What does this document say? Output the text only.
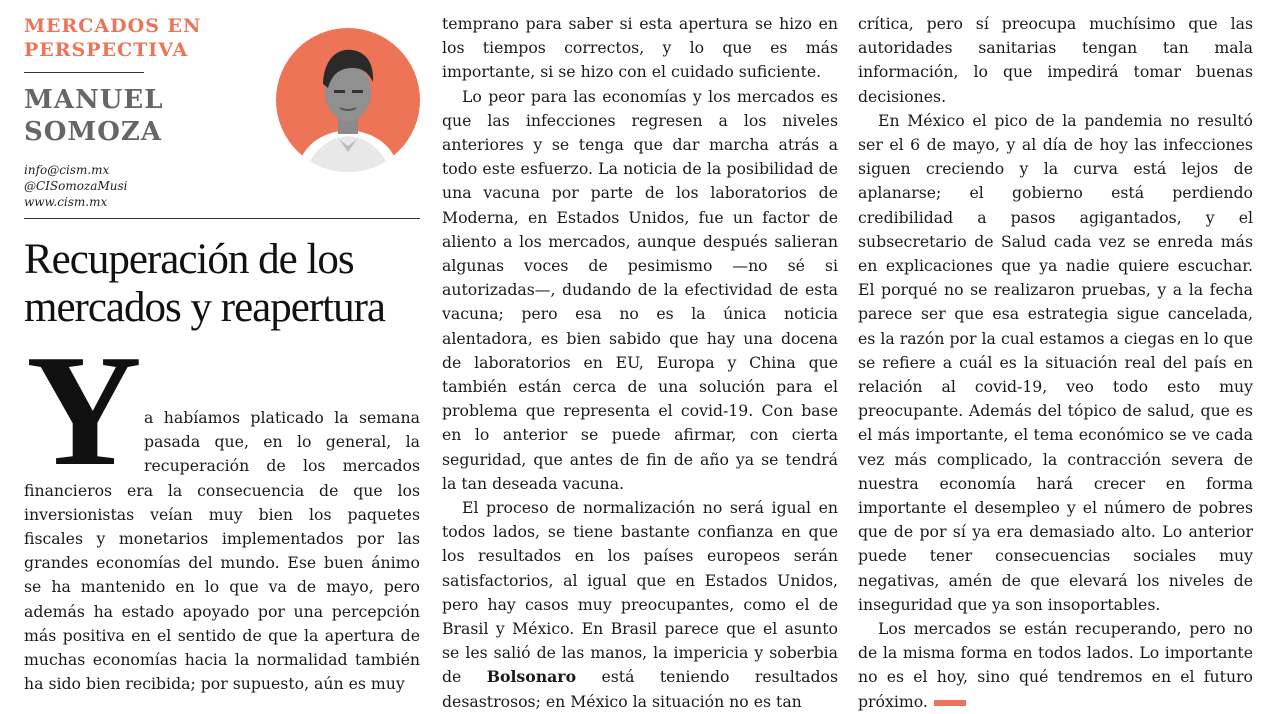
MERCADOS EN
PERSPECTIVA
MANUEL
SOMOZA
info@cism.mx
@CISomozaMusi
www.cism.mx
Recuperación de los
mercados y reapertura
Y a habíamos platicado la semana pasada que, en lo general, la recuperación de los mercados financieros era la consecuencia de que los inversionistas veían muy bien los paquetes fiscales y monetarios implementados por las grandes economías del mundo. Ese buen ánimo se ha mantenido en lo que va de mayo, pero además ha estado apoyado por una percepción más positiva en el sentido de que la apertura de muchas economías hacia la normalidad también ha sido bien recibida; por supuesto, aún es muy

temprano para saber si esta apertura se hizo en los tiempos correctos, y lo que es más importante, si se hizo con el cuidado suficiente.

Lo peor para las economías y los mercados es que las infecciones regresen a los niveles anteriores y se tenga que dar marcha atrás a todo este esfuerzo. La noticia de la posibilidad de una vacuna por parte de los laboratorios de Moderna, en Estados Unidos, fue un factor de aliento a los mercados, aunque después salieran algunas voces de pesimismo —no sé si autorizadas—, dudando de la efectividad de esta vacuna; pero esa no es la única noticia alentadora, es bien sabido que hay una docena de laboratorios en EU, Europa y China que también están cerca de una solución para el problema que representa el covid-19. Con base en lo anterior se puede afirmar, con cierta seguridad, que antes de fin de año ya se tendrá la tan deseada vacuna.

El proceso de normalización no será igual en todos lados, se tiene bastante confianza en que los resultados en los países europeos serán satisfactorios, al igual que en Estados Unidos, pero hay casos muy preocupantes, como el de Brasil y México. En Brasil parece que el asunto se les salió de las manos, la impericia y soberbia de Bolsonaro está teniendo resultados desastrosos; en México la situación no es tan

crítica, pero sí preocupa muchísimo que las autoridades sanitarias tengan tan mala información, lo que impedirá tomar buenas decisiones.

En México el pico de la pandemia no resultó ser el 6 de mayo, y al día de hoy las infecciones siguen creciendo y la curva está lejos de aplanarse; el gobierno está perdiendo credibilidad a pasos agigantados, y el subsecretario de Salud cada vez se enreda más en explicaciones que ya nadie quiere escuchar. El porqué no se realizaron pruebas, y a la fecha parece ser que esa estrategia sigue cancelada, es la razón por la cual estamos a ciegas en lo que se refiere a cuál es la situación real del país en relación al covid-19, veo todo esto muy preocupante. Además del tópico de salud, que es el más importante, el tema económico se ve cada vez más complicado, la contracción severa de nuestra economía hará crecer en forma importante el desempleo y el número de pobres que de por sí ya era demasiado alto. Lo anterior puede tener consecuencias sociales muy negativas, amén de que elevará los niveles de inseguridad que ya son insoportables.

Los mercados se están recuperando, pero no de la misma forma en todos lados. Lo importante no es el hoy, sino qué tendremos en el futuro próximo.
